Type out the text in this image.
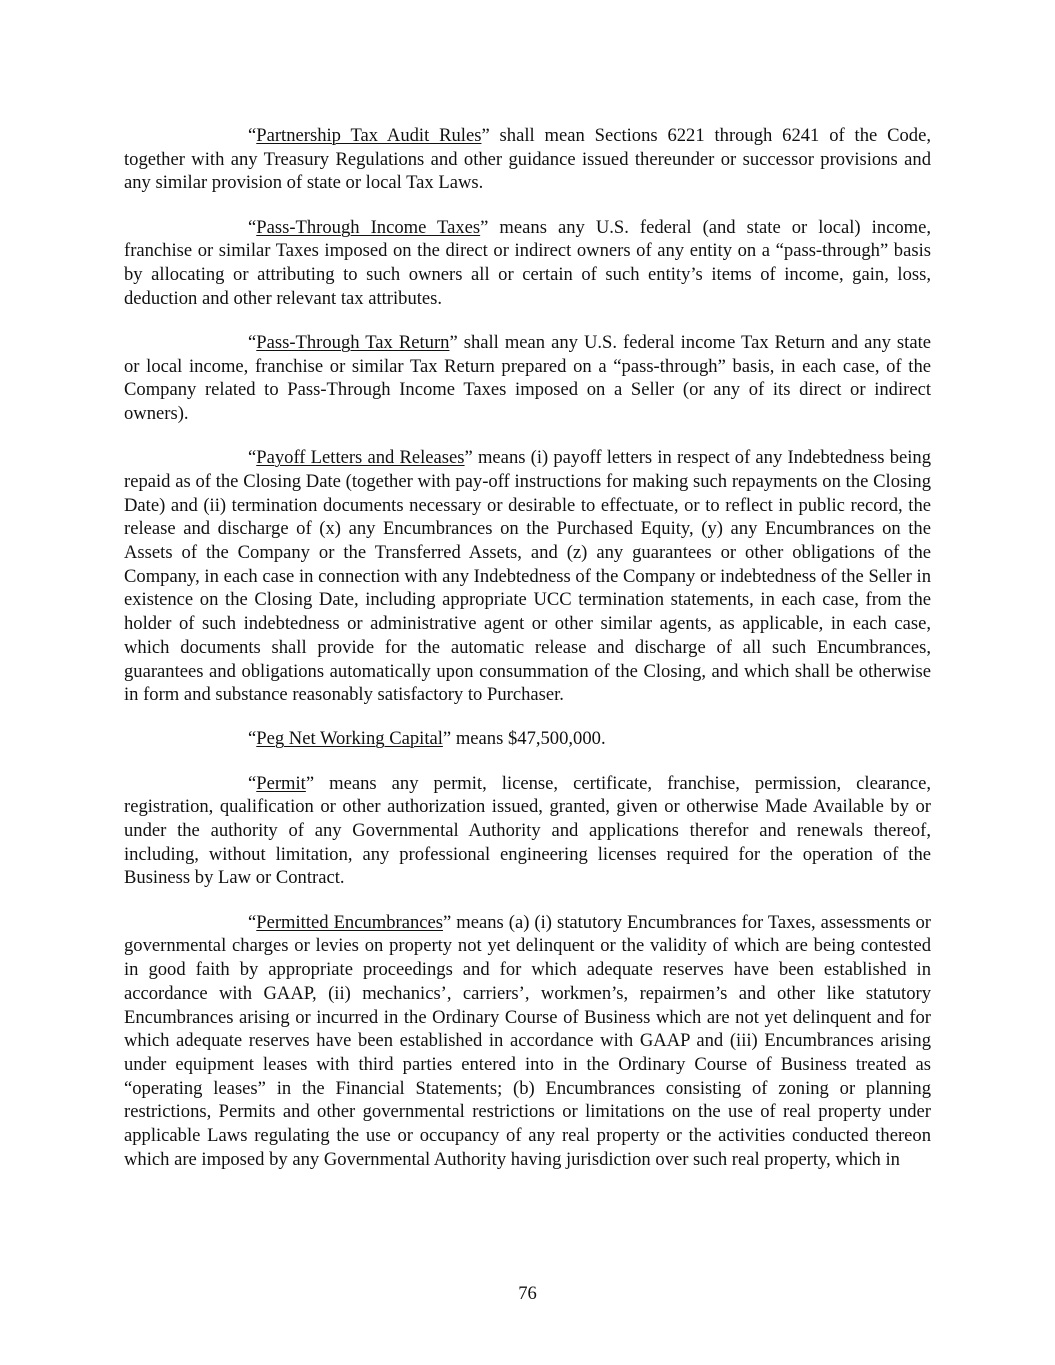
“Partnership Tax Audit Rules” shall mean Sections 6221 through 6241 of the Code, together with any Treasury Regulations and other guidance issued thereunder or successor provisions and any similar provision of state or local Tax Laws.

“Pass-Through Income Taxes” means any U.S. federal (and state or local) income, franchise or similar Taxes imposed on the direct or indirect owners of any entity on a “pass-through” basis by allocating or attributing to such owners all or certain of such entity’s items of income, gain, loss, deduction and other relevant tax attributes.

“Pass-Through Tax Return” shall mean any U.S. federal income Tax Return and any state or local income, franchise or similar Tax Return prepared on a “pass-through” basis, in each case, of the Company related to Pass-Through Income Taxes imposed on a Seller (or any of its direct or indirect owners).

“Payoff Letters and Releases” means (i) payoff letters in respect of any Indebtedness being repaid as of the Closing Date (together with pay-off instructions for making such repayments on the Closing Date) and (ii) termination documents necessary or desirable to effectuate, or to reflect in public record, the release and discharge of (x) any Encumbrances on the Purchased Equity, (y) any Encumbrances on the Assets of the Company or the Transferred Assets, and (z) any guarantees or other obligations of the Company, in each case in connection with any Indebtedness of the Company or indebtedness of the Seller in existence on the Closing Date, including appropriate UCC termination statements, in each case, from the holder of such indebtedness or administrative agent or other similar agents, as applicable, in each case, which documents shall provide for the automatic release and discharge of all such Encumbrances, guarantees and obligations automatically upon consummation of the Closing, and which shall be otherwise in form and substance reasonably satisfactory to Purchaser.

“Peg Net Working Capital” means $47,500,000.

“Permit” means any permit, license, certificate, franchise, permission, clearance, registration, qualification or other authorization issued, granted, given or otherwise Made Available by or under the authority of any Governmental Authority and applications therefor and renewals thereof, including, without limitation, any professional engineering licenses required for the operation of the Business by Law or Contract.

“Permitted Encumbrances” means (a) (i) statutory Encumbrances for Taxes, assessments or governmental charges or levies on property not yet delinquent or the validity of which are being contested in good faith by appropriate proceedings and for which adequate reserves have been established in accordance with GAAP, (ii) mechanics’, carriers’, workmen’s, repairmen’s and other like statutory Encumbrances arising or incurred in the Ordinary Course of Business which are not yet delinquent and for which adequate reserves have been established in accordance with GAAP and (iii) Encumbrances arising under equipment leases with third parties entered into in the Ordinary Course of Business treated as “operating leases” in the Financial Statements; (b) Encumbrances consisting of zoning or planning restrictions, Permits and other governmental restrictions or limitations on the use of real property under applicable Laws regulating the use or occupancy of any real property or the activities conducted thereon which are imposed by any Governmental Authority having jurisdiction over such real property, which in

76
